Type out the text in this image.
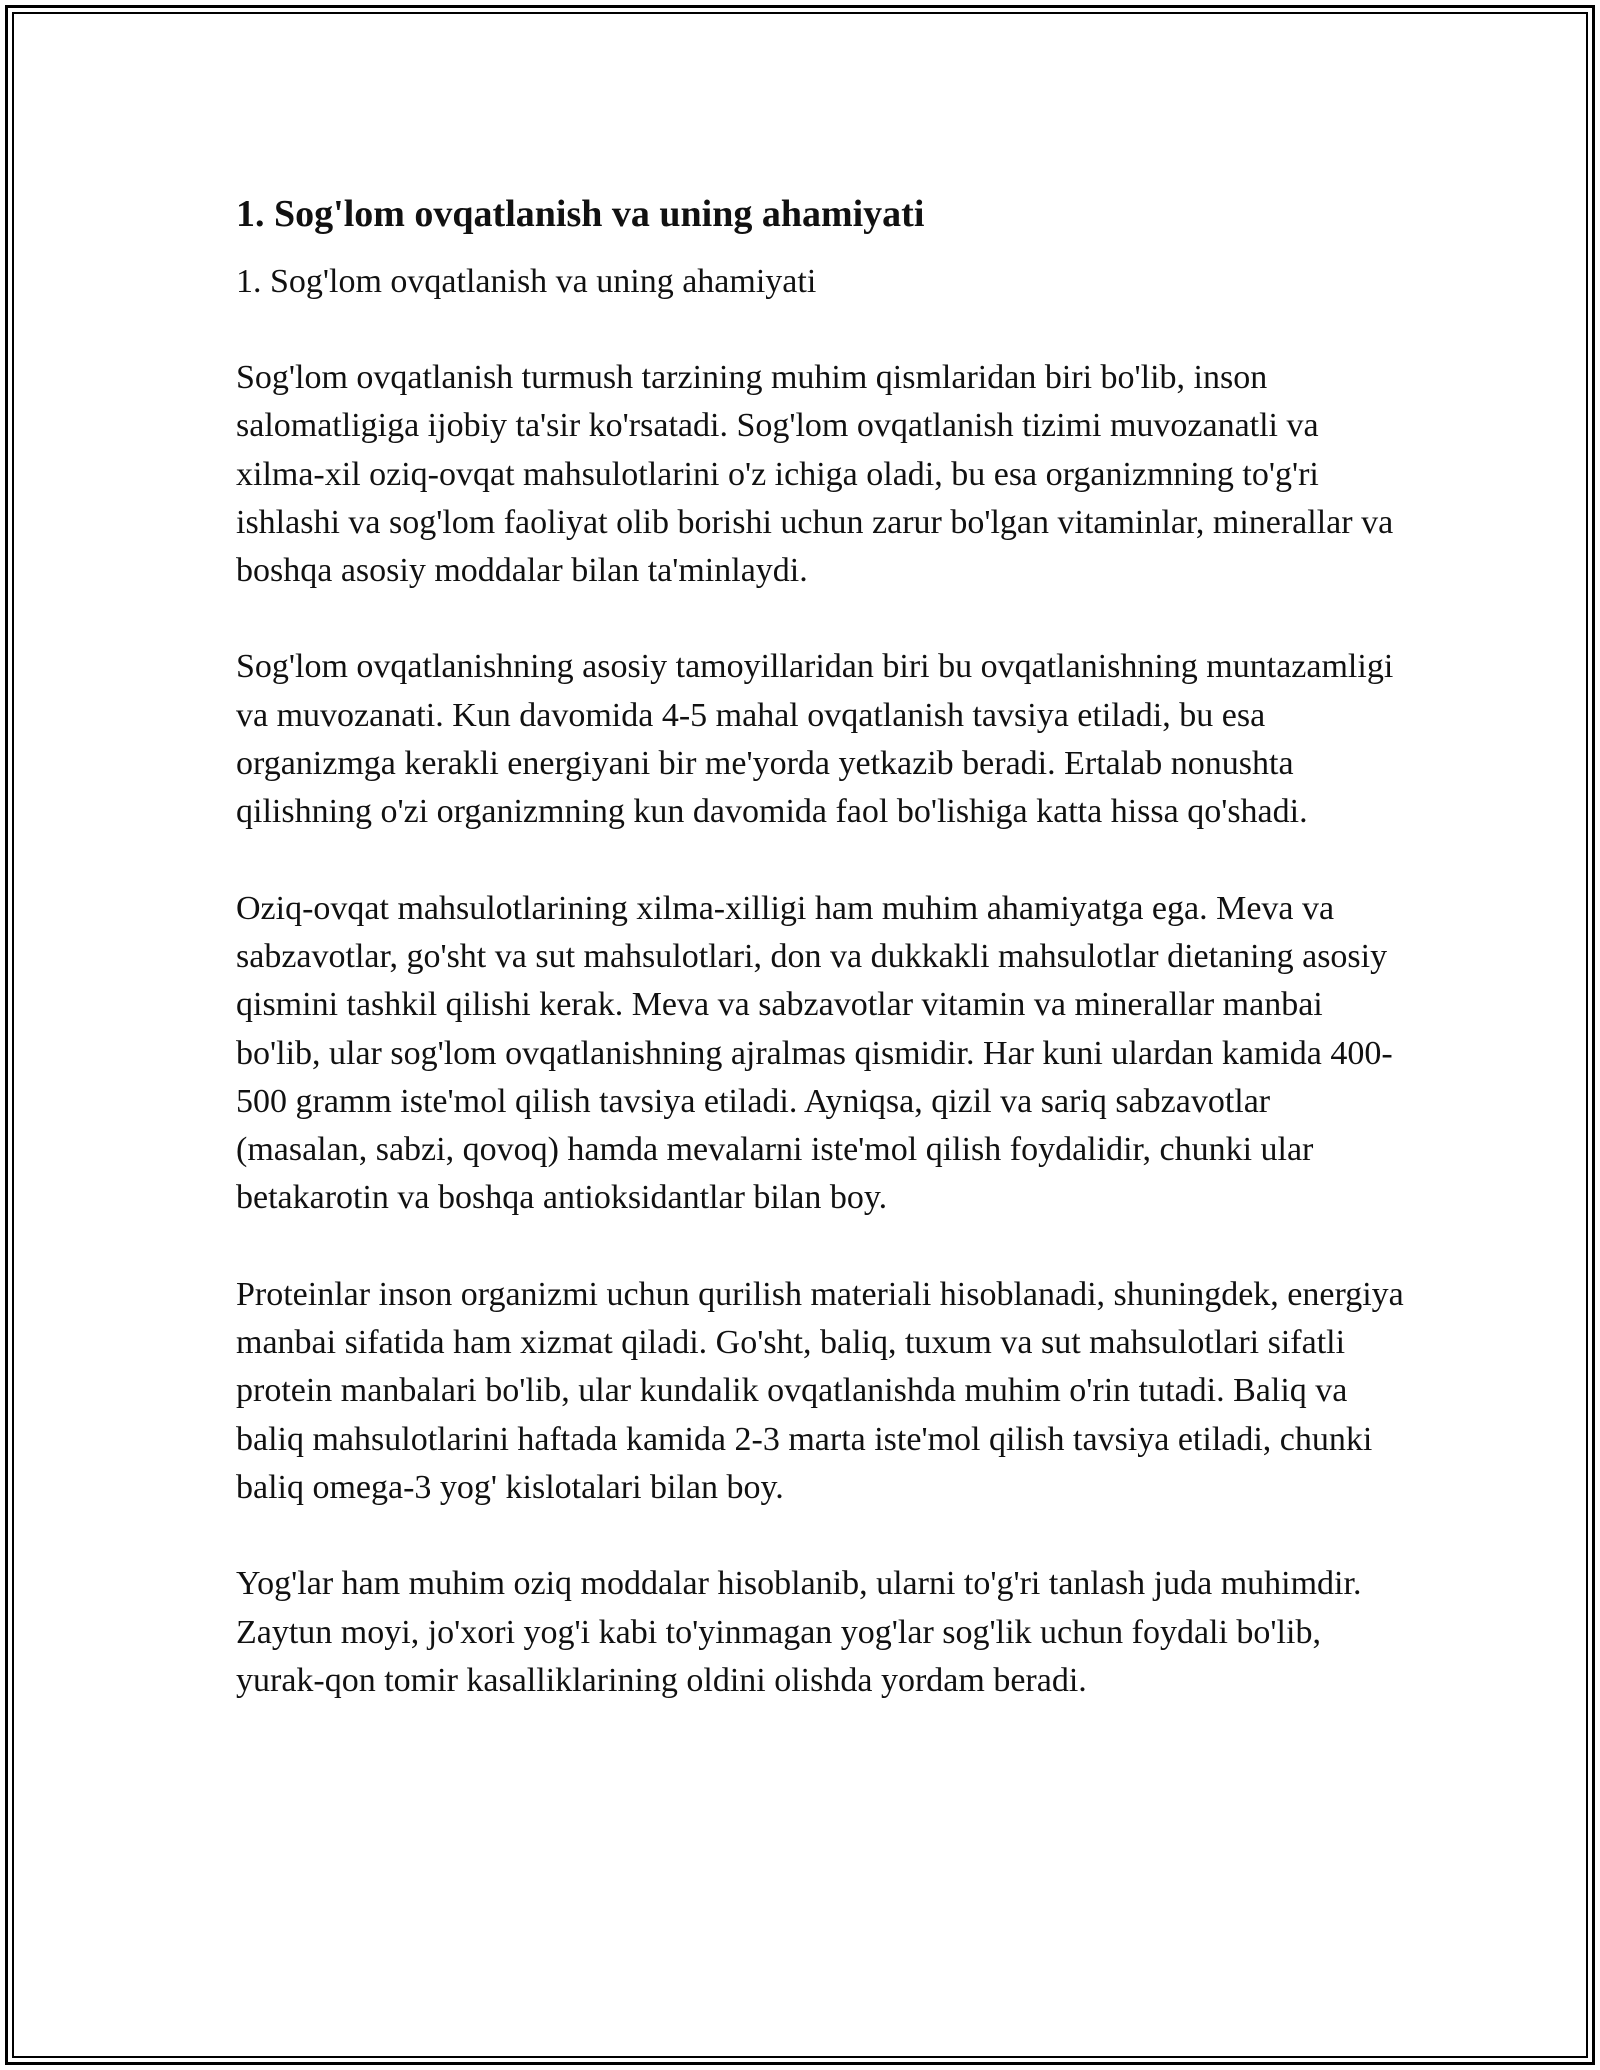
1. Sog'lom ovqatlanish va uning ahamiyati

1. Sog'lom ovqatlanish va uning ahamiyati

Sog'lom ovqatlanish turmush tarzining muhim qismlaridan biri bo'lib, inson salomatligiga ijobiy ta'sir ko'rsatadi. Sog'lom ovqatlanish tizimi muvozanatli va xilma-xil oziq-ovqat mahsulotlarini o'z ichiga oladi, bu esa organizmning to'g'ri ishlashi va sog'lom faoliyat olib borishi uchun zarur bo'lgan vitaminlar, minerallar va boshqa asosiy moddalar bilan ta'minlaydi.

Sog'lom ovqatlanishning asosiy tamoyillaridan biri bu ovqatlanishning muntazamligi va muvozanati. Kun davomida 4-5 mahal ovqatlanish tavsiya etiladi, bu esa organizmga kerakli energiyani bir me'yorda yetkazib beradi. Ertalab nonushta qilishning o'zi organizmning kun davomida faol bo'lishiga katta hissa qo'shadi.

Oziq-ovqat mahsulotlarining xilma-xilligi ham muhim ahamiyatga ega. Meva va sabzavotlar, go'sht va sut mahsulotlari, don va dukkakli mahsulotlar dietaning asosiy qismini tashkil qilishi kerak. Meva va sabzavotlar vitamin va minerallar manbai bo'lib, ular sog'lom ovqatlanishning ajralmas qismidir. Har kuni ulardan kamida 400-500 gramm iste'mol qilish tavsiya etiladi. Ayniqsa, qizil va sariq sabzavotlar (masalan, sabzi, qovoq) hamda mevalarni iste'mol qilish foydalidir, chunki ular betakarotin va boshqa antioksidantlar bilan boy.

Proteinlar inson organizmi uchun qurilish materiali hisoblanadi, shuningdek, energiya manbai sifatida ham xizmat qiladi. Go'sht, baliq, tuxum va sut mahsulotlari sifatli protein manbalari bo'lib, ular kundalik ovqatlanishda muhim o'rin tutadi. Baliq va baliq mahsulotlarini haftada kamida 2-3 marta iste'mol qilish tavsiya etiladi, chunki baliq omega-3 yog' kislotalari bilan boy.

Yog'lar ham muhim oziq moddalar hisoblanib, ularni to'g'ri tanlash juda muhimdir. Zaytun moyi, jo'xori yog'i kabi to'yinmagan yog'lar sog'lik uchun foydali bo'lib, yurak-qon tomir kasalliklarining oldini olishda yordam beradi.
